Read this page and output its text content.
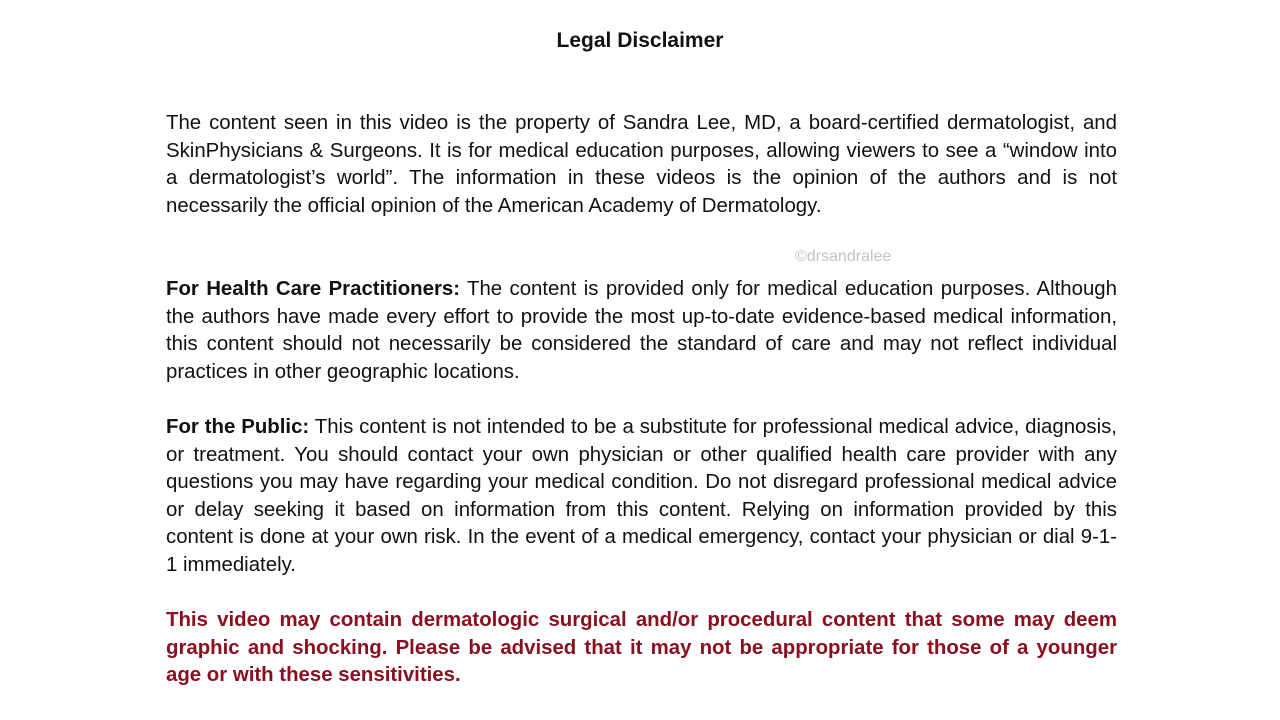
Legal Disclaimer

The content seen in this video is the property of Sandra Lee, MD, a board-certified dermatologist, and SkinPhysicians & Surgeons. It is for medical education purposes, allowing viewers to see a “window into a dermatologist’s world”. The information in these videos is the opinion of the authors and is not necessarily the official opinion of the American Academy of Dermatology.

©drsandralee

For Health Care Practitioners: The content is provided only for medical education purposes. Although the authors have made every effort to provide the most up-to-date evidence-based medical information, this content should not necessarily be considered the standard of care and may not reflect individual practices in other geographic locations.

For the Public: This content is not intended to be a substitute for professional medical advice, diagnosis, or treatment. You should contact your own physician or other qualified health care provider with any questions you may have regarding your medical condition. Do not disregard professional medical advice or delay seeking it based on information from this content. Relying on information provided by this content is done at your own risk. In the event of a medical emergency, contact your physician or dial 9-1-1 immediately.

This video may contain dermatologic surgical and/or procedural content that some may deem graphic and shocking. Please be advised that it may not be appropriate for those of a younger age or with these sensitivities.
